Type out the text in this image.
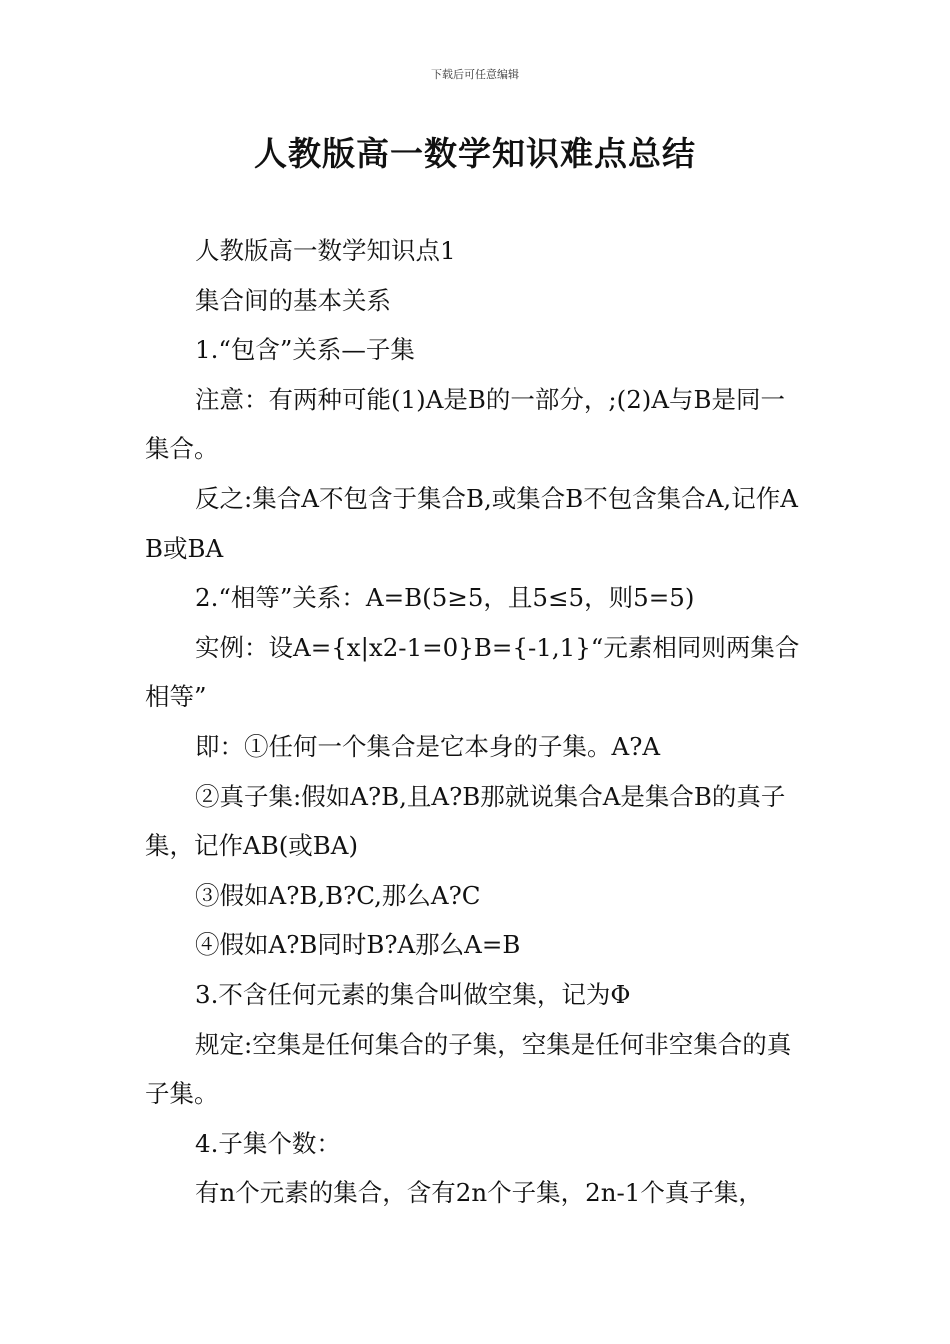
下载后可任意编辑
人教版高一数学知识难点总结

人教版高一数学知识点1

集合间的基本关系

1.“包含”关系—子集

注意：有两种可能(1)A是B的一部分，;(2)A与B是同一集合。

反之:集合A不包含于集合B,或集合B不包含集合A,记作AB或BA

2.“相等”关系：A=B(5≥5，且5≤5，则5=5)

实例：设A={x|x2-1=0}B={-1,1}“元素相同则两集合相等”

即：①任何一个集合是它本身的子集。A?A

②真子集:假如A?B,且A?B那就说集合A是集合B的真子集，记作AB(或BA)

③假如A?B,B?C,那么A?C

④假如A?B同时B?A那么A=B

3.不含任何元素的集合叫做空集，记为Φ

规定:空集是任何集合的子集，空集是任何非空集合的真子集。

4.子集个数：

有n个元素的集合，含有2n个子集，2n-1个真子集，
